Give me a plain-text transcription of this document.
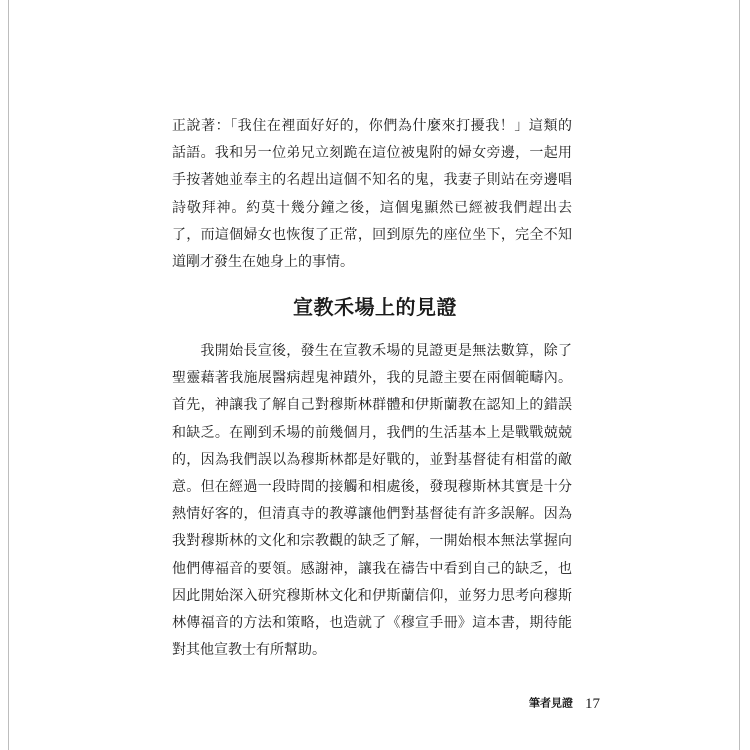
正說著：「我住在裡面好好的，你們為什麼來打擾我！」這類的
話語。我和另一位弟兄立刻跪在這位被鬼附的婦女旁邊，一起用
手按著她並奉主的名趕出這個不知名的鬼，我妻子則站在旁邊唱
詩敬拜神。約莫十幾分鐘之後，這個鬼顯然已經被我們趕出去
了，而這個婦女也恢復了正常，回到原先的座位坐下，完全不知
道剛才發生在她身上的事情。
宣教禾場上的見證
我開始長宣後，發生在宣教禾場的見證更是無法數算，除了
聖靈藉著我施展醫病趕鬼神蹟外，我的見證主要在兩個範疇內。
首先，神讓我了解自己對穆斯林群體和伊斯蘭教在認知上的錯誤
和缺乏。在剛到禾場的前幾個月，我們的生活基本上是戰戰兢兢
的，因為我們誤以為穆斯林都是好戰的，並對基督徒有相當的敵
意。但在經過一段時間的接觸和相處後，發現穆斯林其實是十分
熱情好客的，但清真寺的教導讓他們對基督徒有許多誤解。因為
我對穆斯林的文化和宗教觀的缺乏了解，一開始根本無法掌握向
他們傳福音的要領。感謝神，讓我在禱告中看到自己的缺乏，也
因此開始深入研究穆斯林文化和伊斯蘭信仰，並努力思考向穆斯
林傳福音的方法和策略，也造就了《穆宣手冊》這本書，期待能
對其他宣教士有所幫助。
筆者見證 17
